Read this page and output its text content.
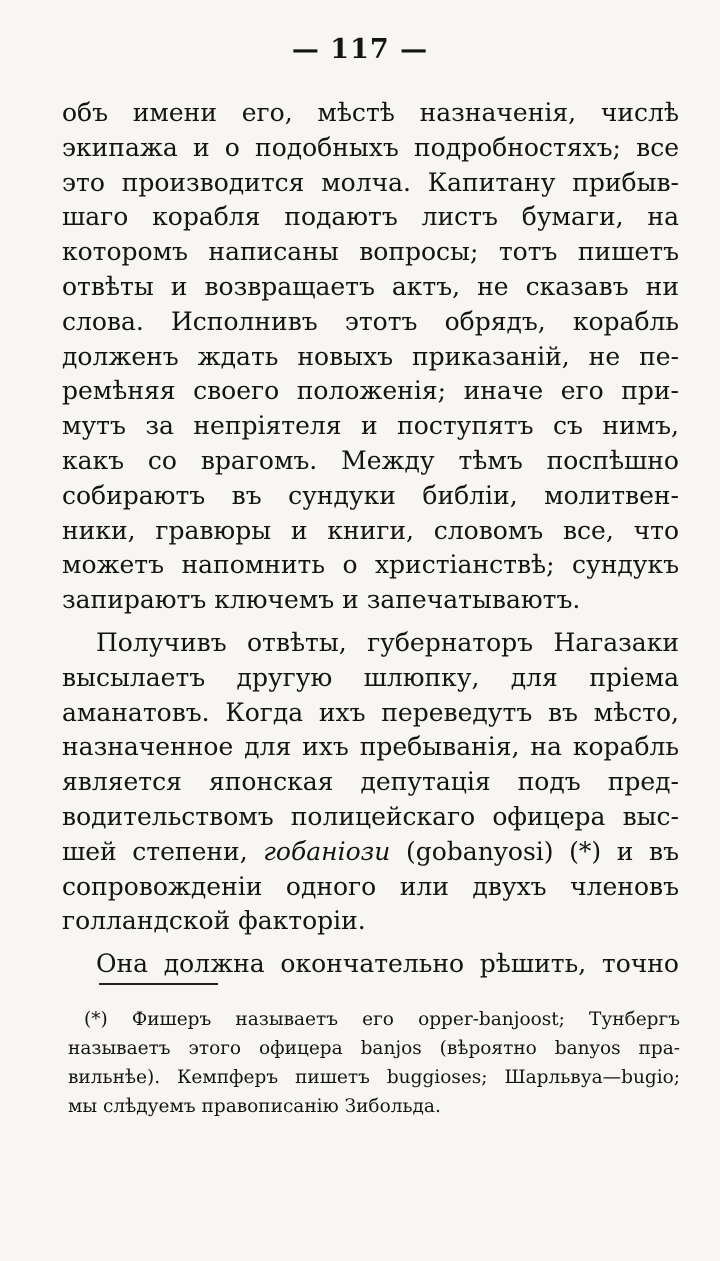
— 117 —
объ имени его, мѣстѣ назначенія, числѣ
экипажа и о подобныхъ подробностяхъ; все
это производится молча. Капитану прибыв-
шаго корабля подаютъ листъ бумаги, на
которомъ написаны вопросы; тотъ пишетъ
отвѣты и возвращаетъ актъ, не сказавъ ни
слова. Исполнивъ этотъ обрядъ, корабль
долженъ ждать новыхъ приказаній, не пе-
ремѣняя своего положенія; иначе его при-
мутъ за непріятеля и поступятъ съ нимъ,
какъ со врагомъ. Между тѣмъ поспѣшно
собираютъ въ сундуки библіи, молитвен-
ники, гравюры и книги, словомъ все, что
можетъ напомнить о христіанствѣ; сундукъ
запираютъ ключемъ и запечатываютъ.
Получивъ отвѣты, губернаторъ Нагазаки
высылаетъ другую шлюпку, для пріема
аманатовъ. Когда ихъ переведутъ въ мѣсто,
назначенное для ихъ пребыванія, на корабль
является японская депутація подъ пред-
водительствомъ полицейскаго офицера выс-
шей степени, гобаніози (gobanyosi) (*) и въ
сопровожденіи одного или двухъ членовъ
голландской факторіи.
Она должна окончательно рѣшить, точно
(*) Фишеръ называетъ его opper-banjoost; Тунбергъ
называетъ этого офицера banjos (вѣроятно banyos пра-
вильнѣе). Кемпферъ пишетъ buggioses; Шарльвуа—bugio;
мы слѣдуемъ правописанію Зибольда.
